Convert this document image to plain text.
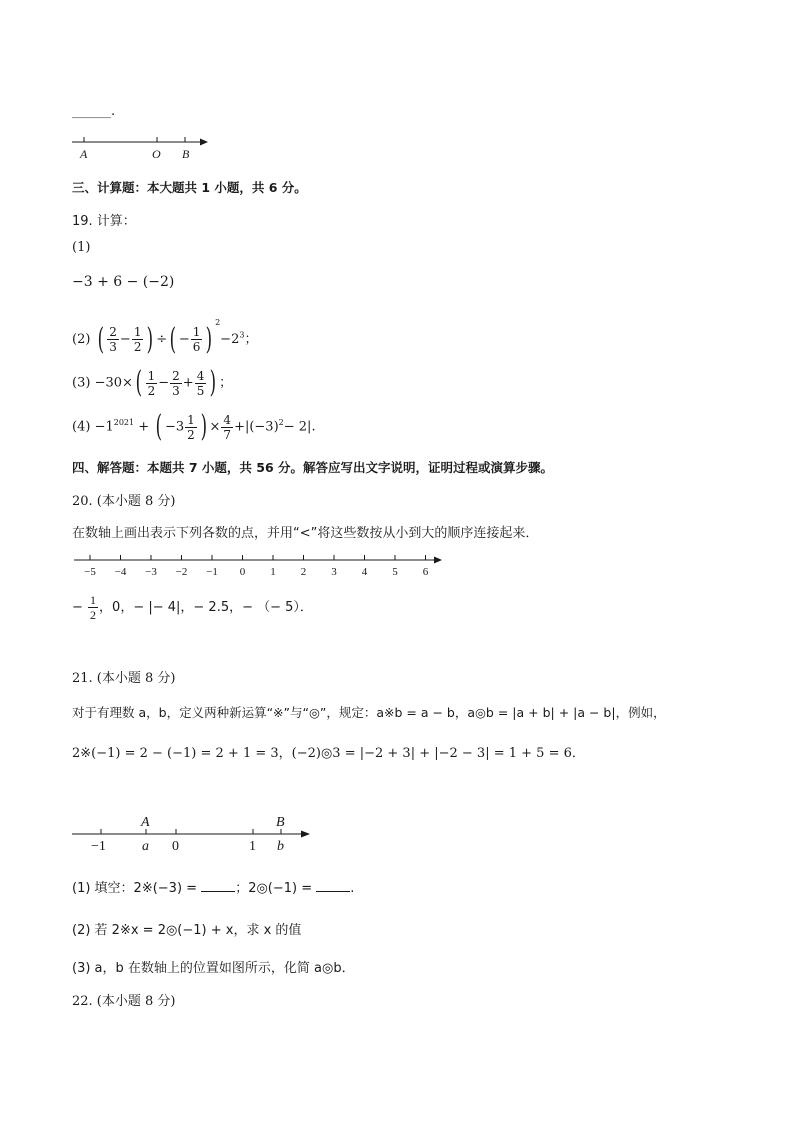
______.
A	O B
三、计算题：本大题共 1 小题，共 6 分。
19. 计算：
(1)
−3 + 6 − (−2)
(2) ( $\frac{2}{3} - \frac{1}{2}$ ) ÷( − $\frac{1}{6}$ ) $^2-2^3$；
$(3) -30\times( \frac{1}{2} - \frac{2}{3} + \frac{4}{5}$ ) ；
$(4) -1^{2021}$ + ( $-3 \frac{1}{2}$ ) × $\frac{4}{7} +|(-3)^2- 2|$.
四、解答题：本题共 7 小题，共 56 分。解答应写出文字说明，证明过程或演算步骤。
20. (本小题 8 分)
在数轴上画出表示下列各数的点，并用“<”将这些数按从小到大的顺序连接起来．
−5 −4 −3 −2 −1 0 1 2 3 4 5 6
− $\frac{1}{2}$ ，0，− |− 4|，− 2.5，− （− 5）．
21. (本小题 8 分)
对于有理数 a，b，定义两种新运算“※”与“◎”，规定：a※b = a − b，a◎b = |a + b| + |a − b|，例如，
2※(−1) = 2 − (−1) = 2 + 1 = 3，(−2)◎3 = |−2 + 3| + |−2 − 3| = 1 + 5 = 6．
A	B
−1	a 0	1 b
(1) 填空：2※(−3) =	；2◎(−1) =	.
(2) 若 2※x = 2◎(−1) + x，求 x 的值
(3) a，b 在数轴上的位置如图所示，化简 a◎b．
22. (本小题 8 分)
